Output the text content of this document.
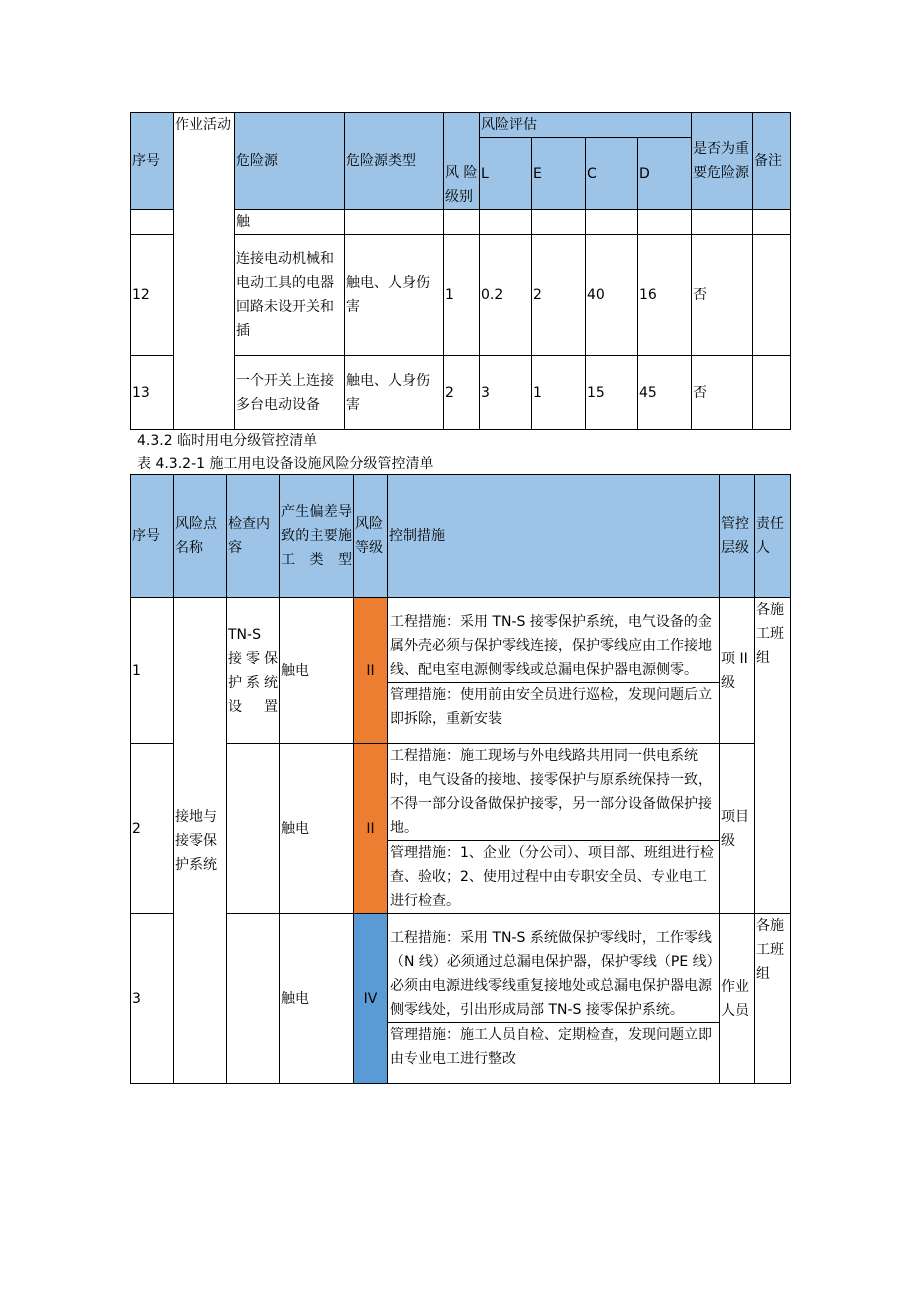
序号	作业活动	危险源	危险源类型	风 险级别	风险评估				是否为重要危险源	备注
					L	E	C	D		
		触								
12		连接电动机械和电动工具的电器回路未设开关和插	触电、人身伤害	1	0.2	2	40	16	否	
13		一个开关上连接多台电动设备	触电、人身伤害	2	3	1	15	45	否	
4.3.2 临时用电分级管控清单
表 4.3.2-1 施工用电设备设施风险分级管控清单
序号	风险点名称	检查内容	产生偏差导致的主要施工类型	风险等级	控制措施	管控层级	责任人
1	接地与接零保护系统	TN-S 接零保护系统设置	触电	II	工程措施：采用 TN-S 接零保护系统，电气设备的金属外壳必须与保护零线连接，保护零线应由工作接地线、配电室电源侧零线或总漏电保护器电源侧零。
管理措施：使用前由安全员进行巡检，发现问题后立即拆除，重新安装	项 II 级	各施工班组
2			触电	II	工程措施：施工现场与外电线路共用同一供电系统时，电气设备的接地、接零保护与原系统保持一致，不得一部分设备做保护接零，另一部分设备做保护接地。
管理措施：1、企业（分公司）、项目部、班组进行检查、验收；2、使用过程中由专职安全员、专业电工进行检查。	项目级	
3			触电	IV	工程措施：采用 TN-S 系统做保护零线时，工作零线（N 线）必须通过总漏电保护器，保护零线（PE 线）必须由电源进线零线重复接地处或总漏电保护器电源侧零线处，引出形成局部 TN-S 接零保护系统。
管理措施：施工人员自检、定期检查，发现问题立即由专业电工进行整改	作业人员	各施工班组
